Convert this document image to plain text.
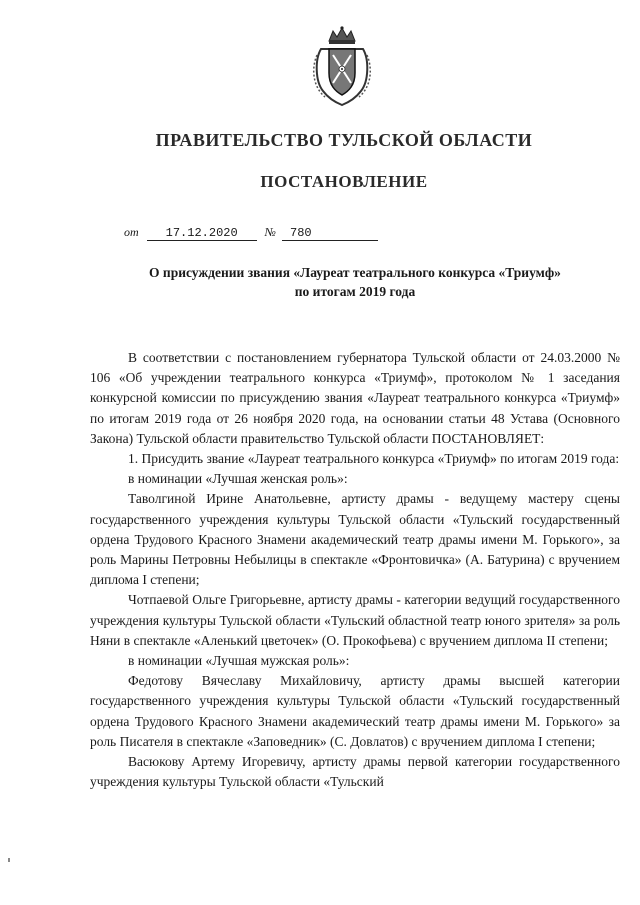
ПРАВИТЕЛЬСТВО ТУЛЬСКОЙ ОБЛАСТИ
ПОСТАНОВЛЕНИЕ
от 17.12.2020 № 780
О присуждении звания «Лауреат театрального конкурса «Триумф»
по итогам 2019 года

В соответствии с постановлением губернатора Тульской области от 24.03.2000 № 106 «Об учреждении театрального конкурса «Триумф», протоколом № 1 заседания конкурсной комиссии по присуждению звания «Лауреат театрального конкурса «Триумф» по итогам 2019 года от 26 ноября 2020 года, на основании статьи 48 Устава (Основного Закона) Тульской области правительство Тульской области ПОСТАНОВЛЯЕТ:

1. Присудить звание «Лауреат театрального конкурса «Триумф» по итогам 2019 года:

в номинации «Лучшая женская роль»:

Таволгиной Ирине Анатольевне, артисту драмы - ведущему мастеру сцены государственного учреждения культуры Тульской области «Тульский государственный ордена Трудового Красного Знамени академический театр драмы имени М. Горького», за роль Марины Петровны Небылицы в спектакле «Фронтовичка» (А. Батурина) с вручением диплома I степени;

Чотпаевой Ольге Григорьевне, артисту драмы - категории ведущий государственного учреждения культуры Тульской области «Тульский областной театр юного зрителя» за роль Няни в спектакле «Аленький цветочек» (О. Прокофьева) с вручением диплома II степени;

в номинации «Лучшая мужская роль»:

Федотову Вячеславу Михайловичу, артисту драмы высшей категории государственного учреждения культуры Тульской области «Тульский государственный ордена Трудового Красного Знамени академический театр драмы имени М. Горького» за роль Писателя в спектакле «Заповедник» (С. Довлатов) с вручением диплома I степени;

Васюкову Артему Игоревичу, артисту драмы первой категории государственного учреждения культуры Тульской области «Тульский
